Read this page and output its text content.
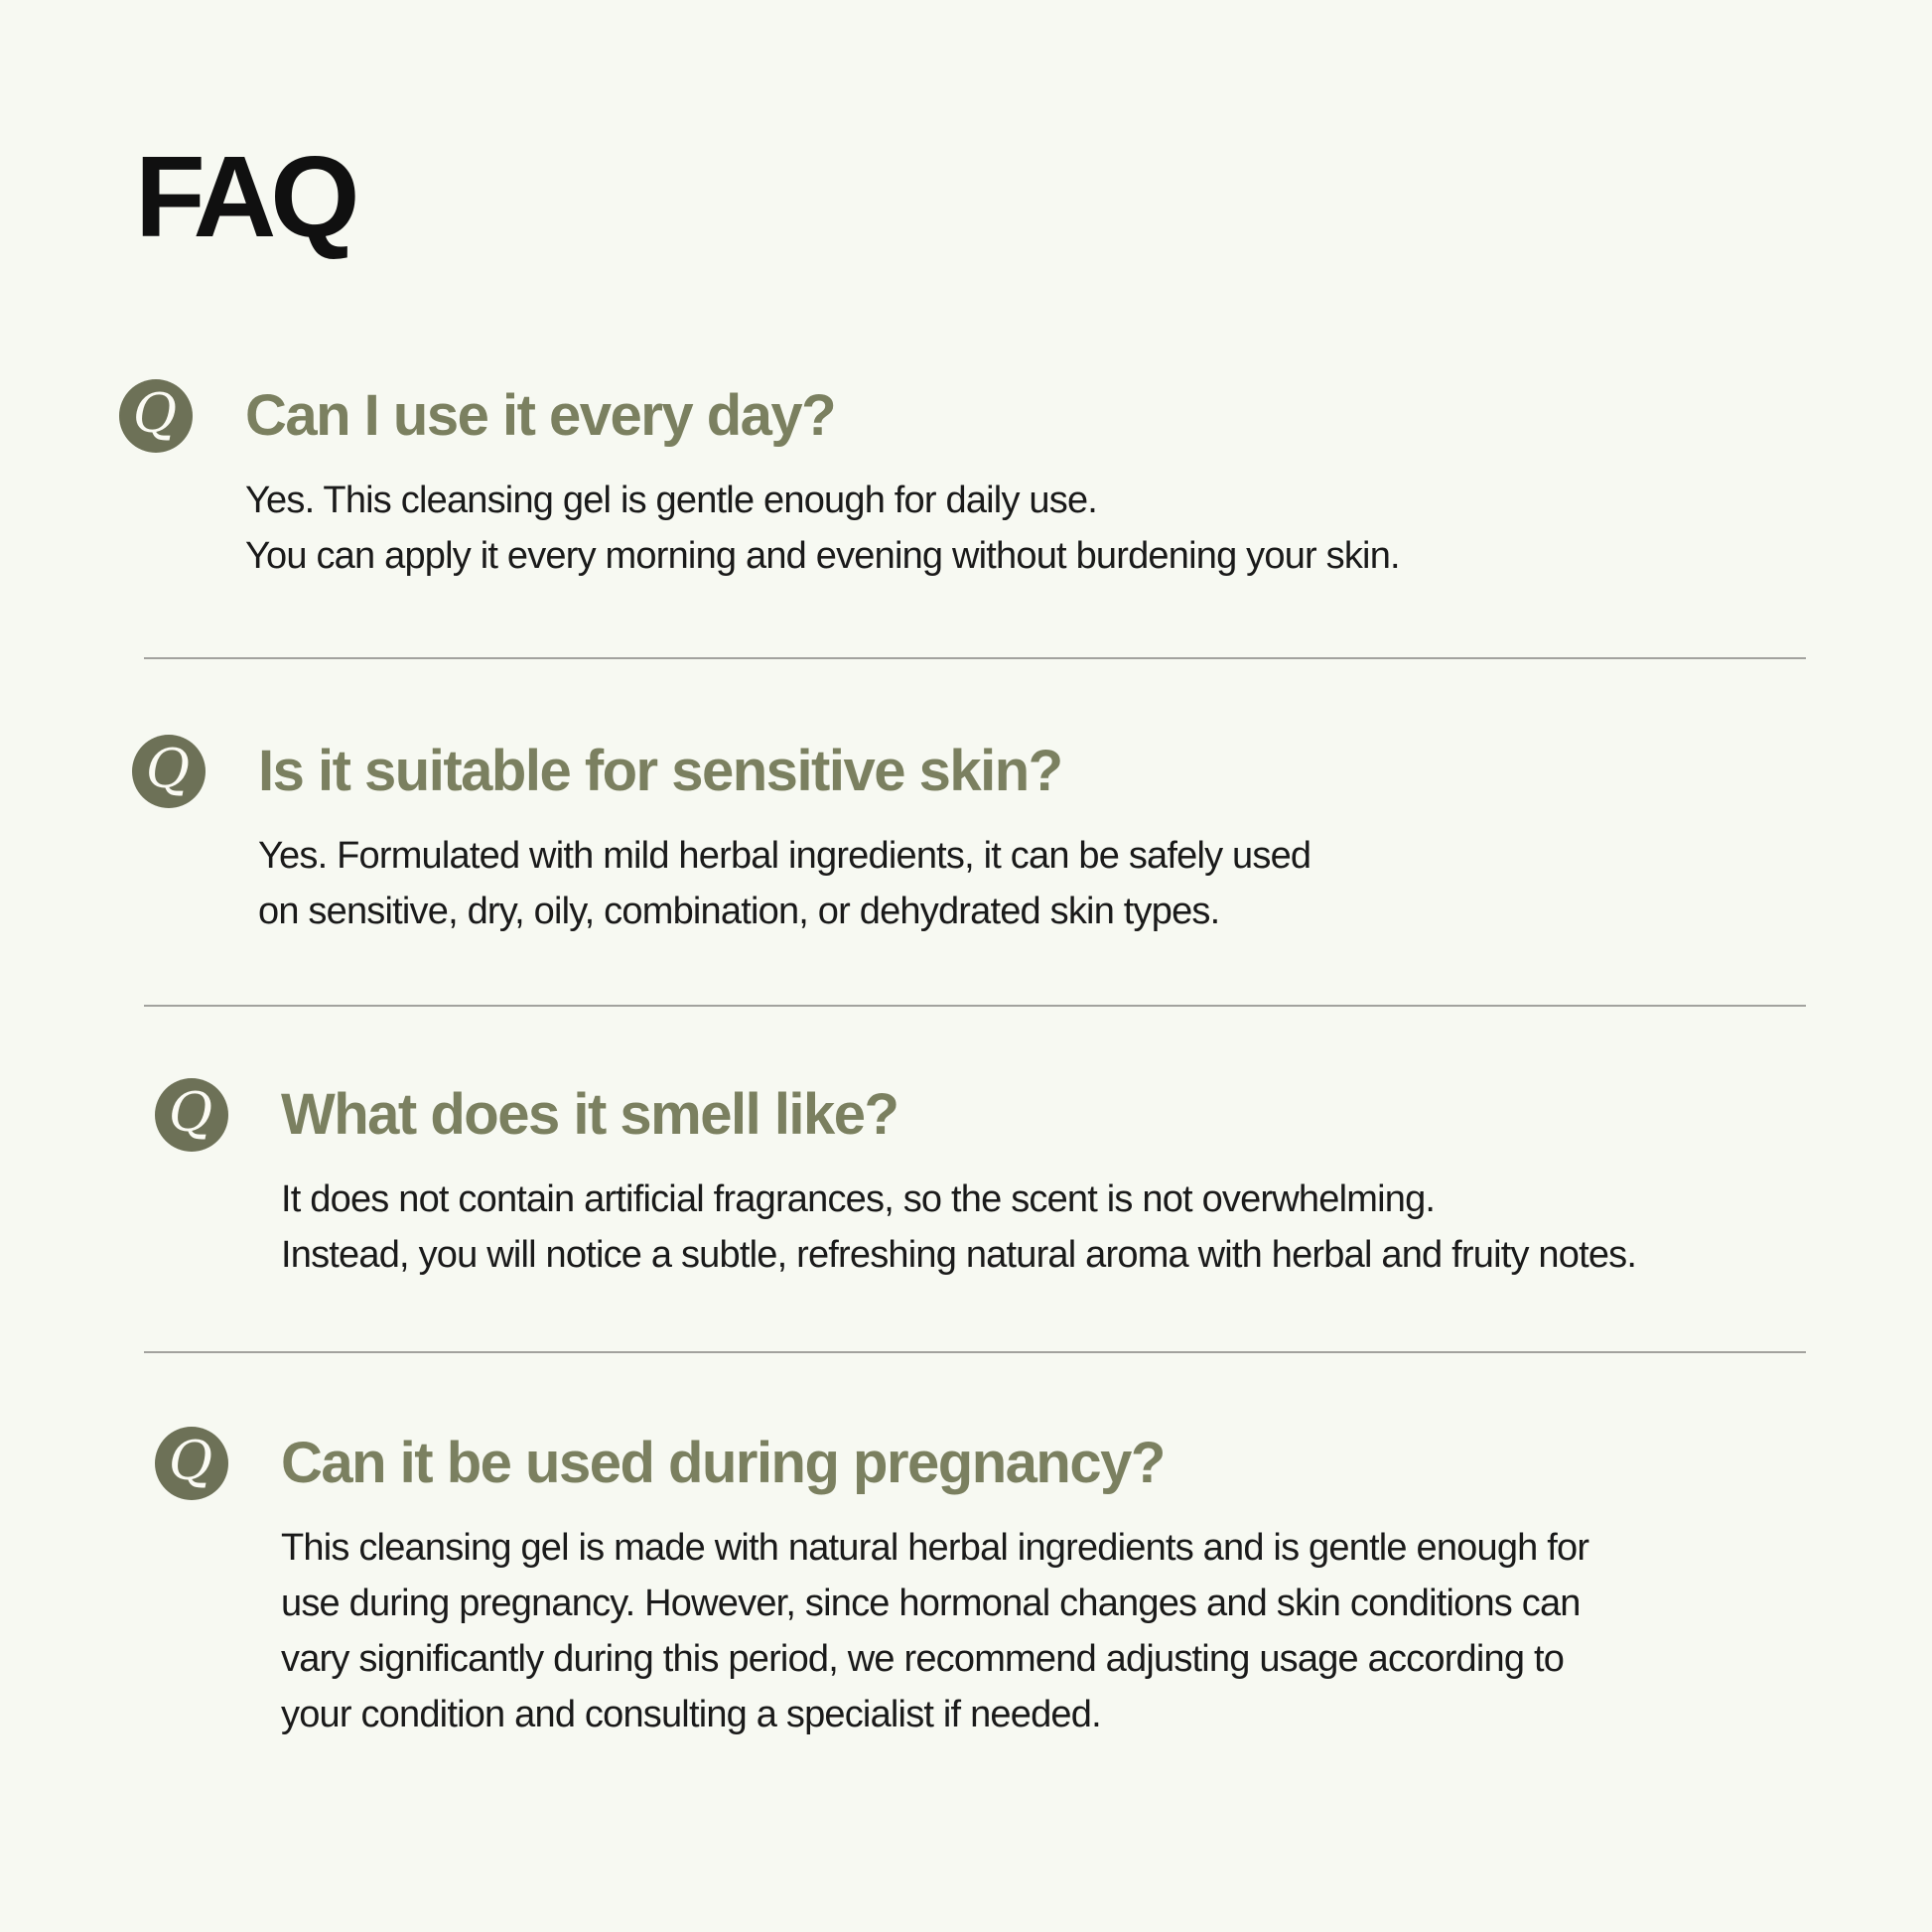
FAQ
Q Can I use it every day?
Yes. This cleansing gel is gentle enough for daily use.
You can apply it every morning and evening without burdening your skin.
Q Is it suitable for sensitive skin?
Yes. Formulated with mild herbal ingredients, it can be safely used
on sensitive, dry, oily, combination, or dehydrated skin types.
Q What does it smell like?
It does not contain artificial fragrances, so the scent is not overwhelming.
Instead, you will notice a subtle, refreshing natural aroma with herbal and fruity notes.
Q Can it be used during pregnancy?
This cleansing gel is made with natural herbal ingredients and is gentle enough for
use during pregnancy. However, since hormonal changes and skin conditions can
vary significantly during this period, we recommend adjusting usage according to
your condition and consulting a specialist if needed.
